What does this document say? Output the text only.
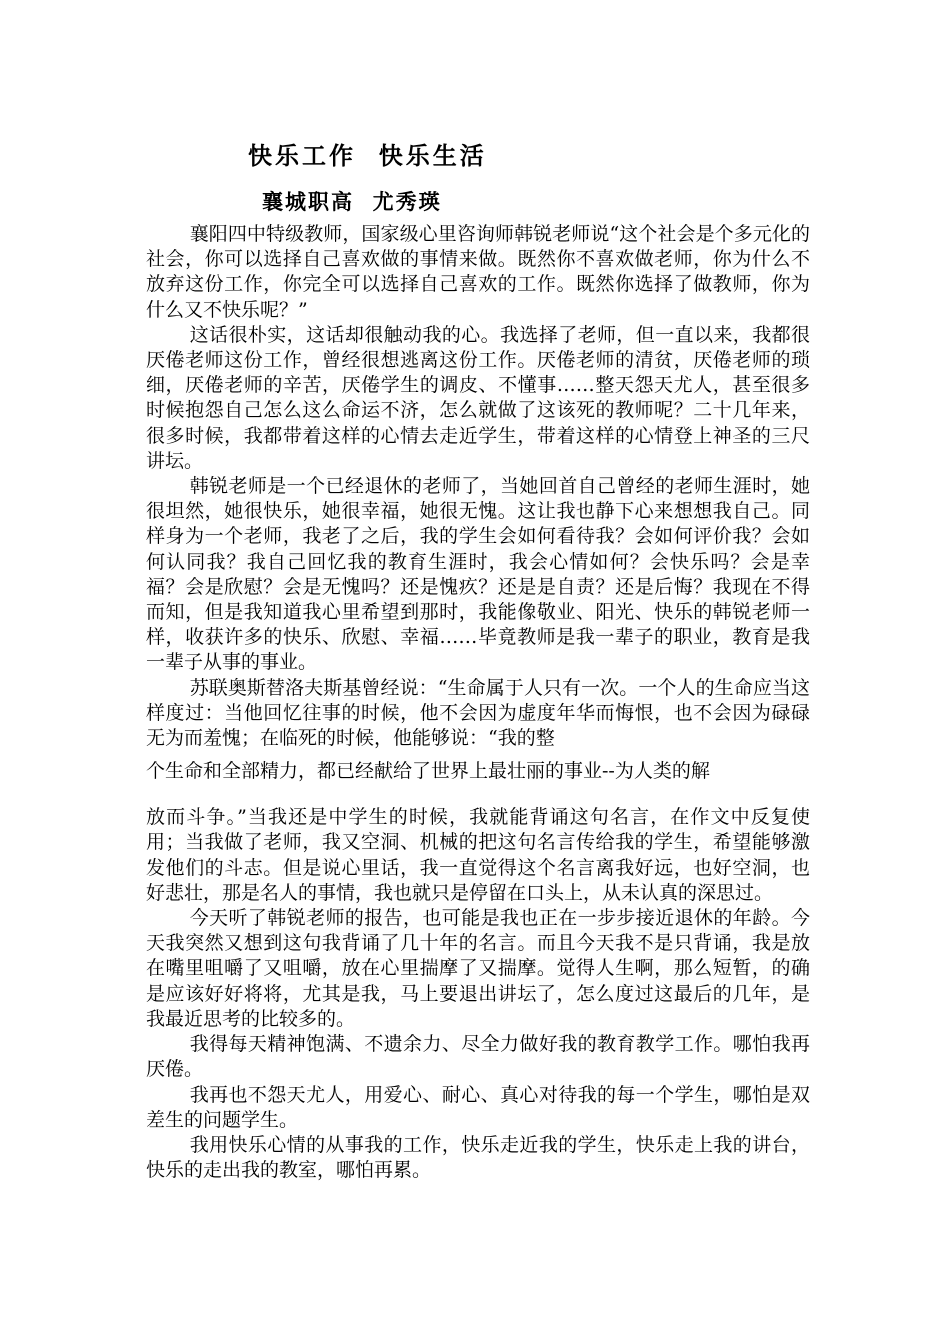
快乐工作  快乐生活
襄城职高  尤秀瑛

襄阳四中特级教师，国家级心里咨询师韩锐老师说“这个社会是个多元化的社会，你可以选择自己喜欢做的事情来做。既然你不喜欢做老师，你为什么不放弃这份工作，你完全可以选择自己喜欢的工作。既然你选择了做教师，你为什么又不快乐呢？”

这话很朴实，这话却很触动我的心。我选择了老师，但一直以来，我都很厌倦老师这份工作，曾经很想逃离这份工作。厌倦老师的清贫，厌倦老师的琐细，厌倦老师的辛苦，厌倦学生的调皮、不懂事……整天怨天尤人，甚至很多时候抱怨自己怎么这么命运不济，怎么就做了这该死的教师呢？二十几年来，很多时候，我都带着这样的心情去走近学生，带着这样的心情登上神圣的三尺讲坛。

韩锐老师是一个已经退休的老师了，当她回首自己曾经的老师生涯时，她很坦然，她很快乐，她很幸福，她很无愧。这让我也静下心来想想我自己。同样身为一个老师，我老了之后，我的学生会如何看待我？会如何评价我？会如何认同我？我自己回忆我的教育生涯时，我会心情如何？会快乐吗？会是幸福？会是欣慰？会是无愧吗？还是愧疚？还是是自责？还是后悔？我现在不得而知，但是我知道我心里希望到那时，我能像敬业、阳光、快乐的韩锐老师一样，收获许多的快乐、欣慰、幸福……毕竟教师是我一辈子的职业，教育是我一辈子从事的事业。

苏联奥斯替洛夫斯基曾经说：“生命属于人只有一次。一个人的生命应当这样度过：当他回忆往事的时候，他不会因为虚度年华而悔恨，也不会因为碌碌无为而羞愧；在临死的时候，他能够说：“我的整

个生命和全部精力，都已经献给了世界上最壮丽的事业--为人类的解

放而斗争。”当我还是中学生的时候，我就能背诵这句名言，在作文中反复使用；当我做了老师，我又空洞、机械的把这句名言传给我的学生，希望能够激发他们的斗志。但是说心里话，我一直觉得这个名言离我好远，也好空洞，也好悲壮，那是名人的事情，我也就只是停留在口头上，从未认真的深思过。

今天听了韩锐老师的报告，也可能是我也正在一步步接近退休的年龄。今天我突然又想到这句我背诵了几十年的名言。而且今天我不是只背诵，我是放在嘴里咀嚼了又咀嚼，放在心里揣摩了又揣摩。觉得人生啊，那么短暂，的确是应该好好将将，尤其是我，马上要退出讲坛了，怎么度过这最后的几年，是我最近思考的比较多的。

我得每天精神饱满、不遗余力、尽全力做好我的教育教学工作。哪怕我再厌倦。

我再也不怨天尤人，用爱心、耐心、真心对待我的每一个学生，哪怕是双差生的问题学生。

我用快乐心情的从事我的工作，快乐走近我的学生，快乐走上我的讲台，快乐的走出我的教室，哪怕再累。
